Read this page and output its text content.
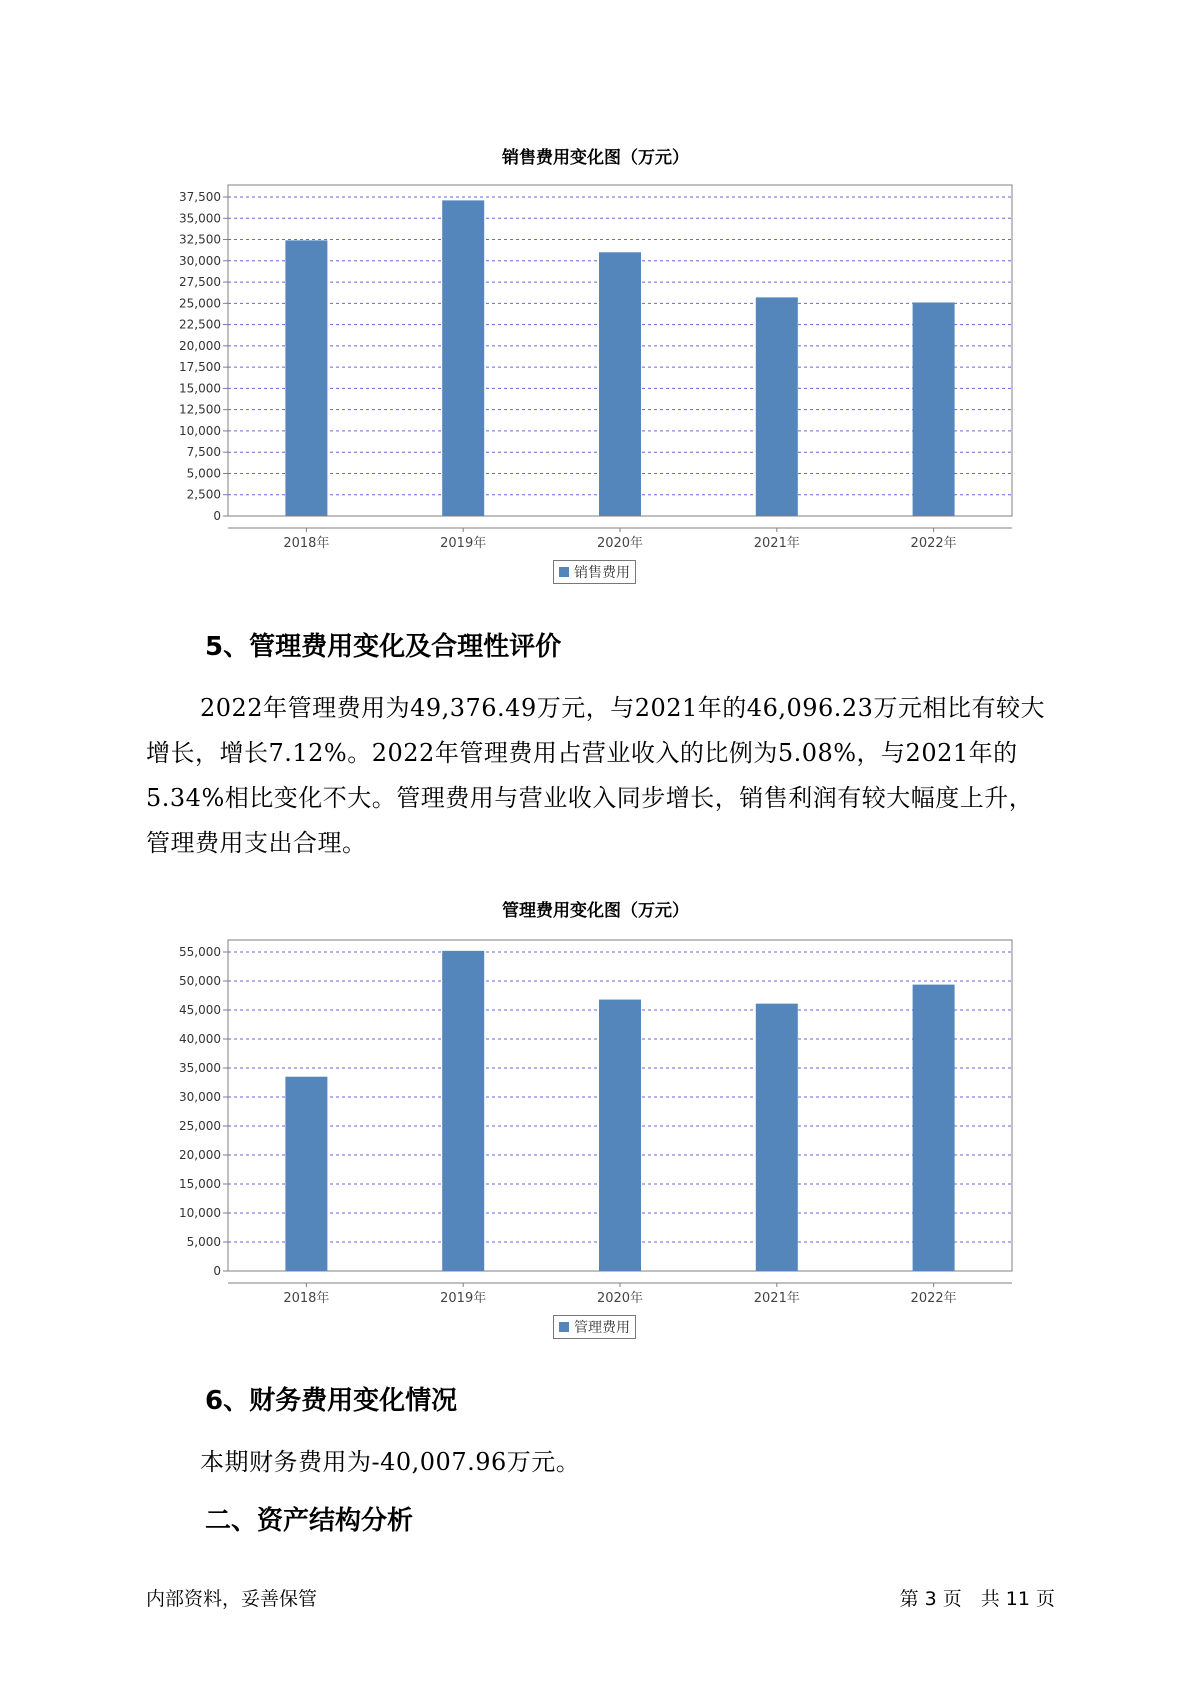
销售费用变化图（万元）
0
2,500
5,000
7,500
10,000
12,500
15,000
17,500
20,000
22,500
25,000
27,500
30,000
32,500
35,000
37,500
2018年	2019年	2020年	2021年	2022年
销售费用
5、管理费用变化及合理性评价

2022年管理费用为49,376.49万元，与2021年的46,096.23万元相比有较大增长，增长7.12%。2022年管理费用占营业收入的比例为5.08%，与2021年的5.34%相比变化不大。管理费用与营业收入同步增长，销售利润有较大幅度上升，管理费用支出合理。

管理费用变化图（万元）
0
5,000
10,000
15,000
20,000
25,000
30,000
35,000
40,000
45,000
50,000
55,000
2018年	2019年	2020年	2021年	2022年
管理费用
6、财务费用变化情况

本期财务费用为-40,007.96万元。

二、资产结构分析
内部资料，妥善保管	第 3 页　共 11 页
